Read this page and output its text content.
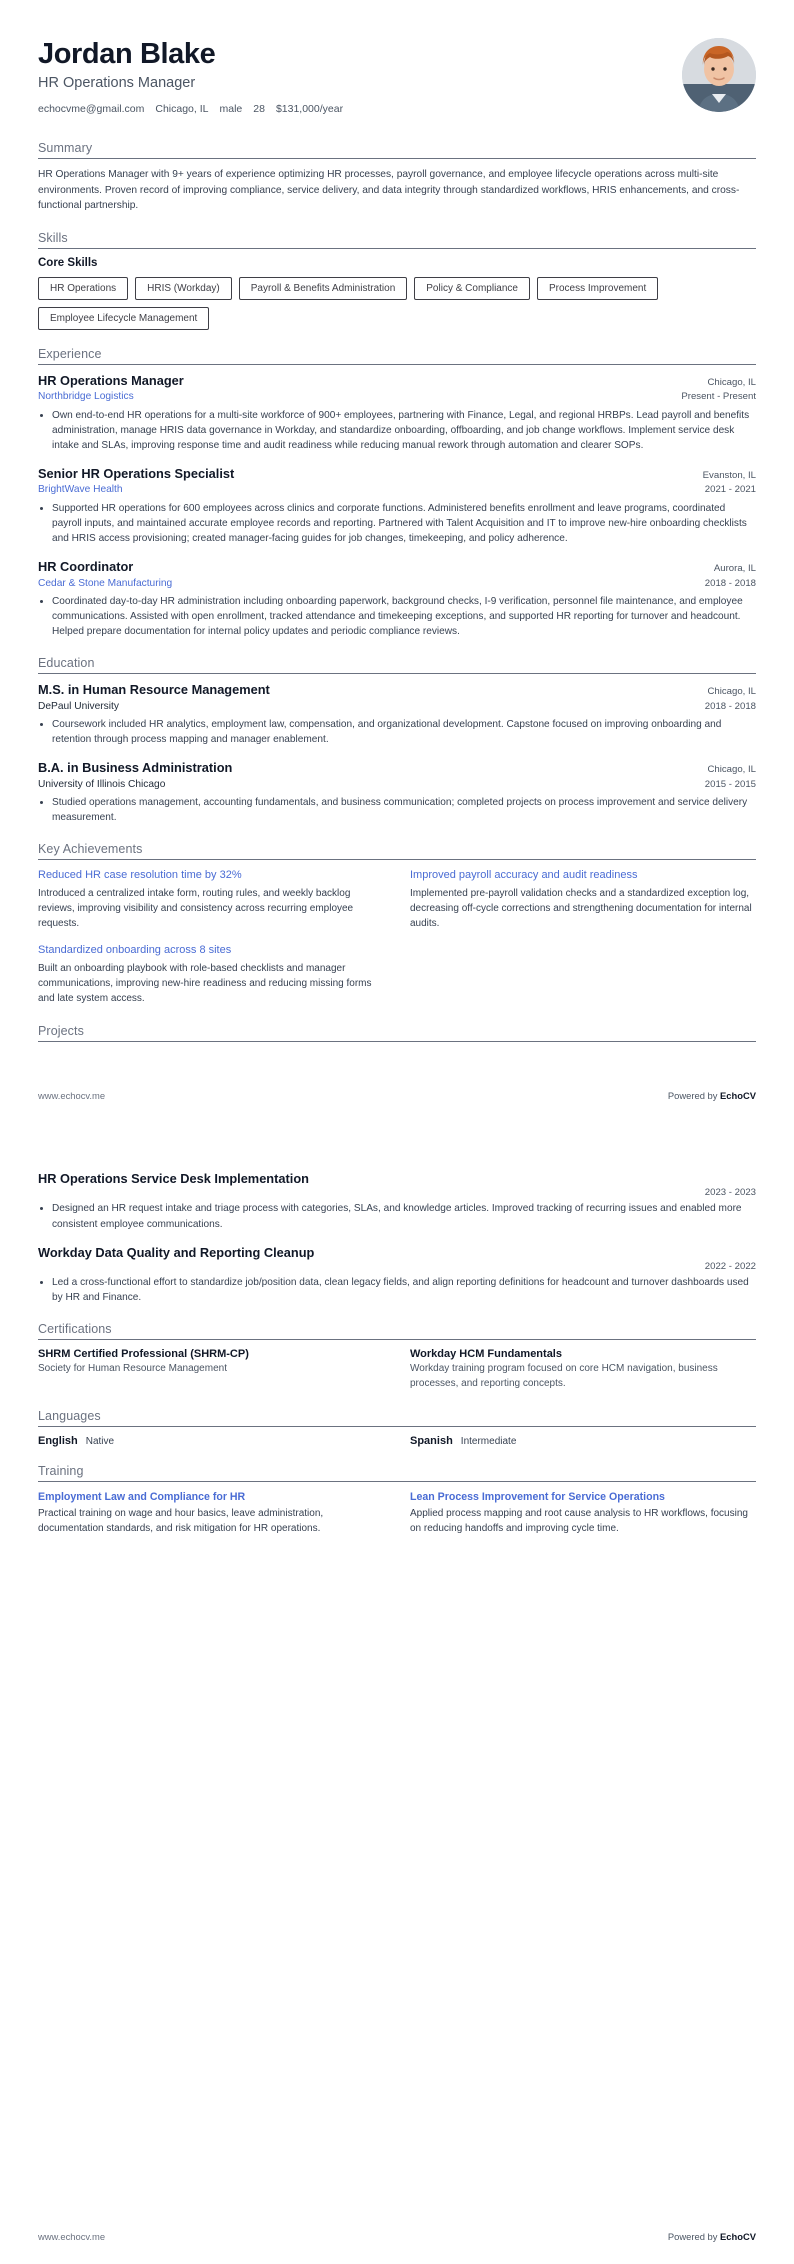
Jordan Blake
HR Operations Manager
echocvme@gmail.com Chicago, IL male 28 $131,000/year
Summary

HR Operations Manager with 9+ years of experience optimizing HR processes, payroll governance, and employee lifecycle operations across multi-site environments. Proven record of improving compliance, service delivery, and data integrity through standardized workflows, HRIS enhancements, and cross-functional partnership.

Skills
Core Skills
HR Operations	HRIS (Workday)	Payroll & Benefits Administration	Policy & Compliance	Process Improvement
Employee Lifecycle Management
Experience
HR Operations Manager	Chicago, IL
Northbridge Logistics	Present - Present
• Own end-to-end HR operations for a multi-site workforce of 900+ employees, partnering with Finance, Legal, and regional HRBPs. Lead payroll and benefits administration, manage HRIS data governance in Workday, and standardize onboarding, offboarding, and job change workflows. Implement service desk intake and SLAs, improving response time and audit readiness while reducing manual rework through automation and clearer SOPs.
Senior HR Operations Specialist	Evanston, IL
BrightWave Health	2021 - 2021
• Supported HR operations for 600 employees across clinics and corporate functions. Administered benefits enrollment and leave programs, coordinated payroll inputs, and maintained accurate employee records and reporting. Partnered with Talent Acquisition and IT to improve new-hire onboarding checklists and HRIS access provisioning; created manager-facing guides for job changes, timekeeping, and policy adherence.
HR Coordinator	Aurora, IL
Cedar & Stone Manufacturing	2018 - 2018
• Coordinated day-to-day HR administration including onboarding paperwork, background checks, I-9 verification, personnel file maintenance, and employee communications. Assisted with open enrollment, tracked attendance and timekeeping exceptions, and supported HR reporting for turnover and headcount. Helped prepare documentation for internal policy updates and periodic compliance reviews.
Education
M.S. in Human Resource Management	Chicago, IL
DePaul University	2018 - 2018
• Coursework included HR analytics, employment law, compensation, and organizational development. Capstone focused on improving onboarding and retention through process mapping and manager enablement.
B.A. in Business Administration	Chicago, IL
University of Illinois Chicago	2015 - 2015
• Studied operations management, accounting fundamentals, and business communication; completed projects on process improvement and service delivery measurement.
Key Achievements
Reduced HR case resolution time by 32%
Introduced a centralized intake form, routing rules, and weekly backlog reviews, improving visibility and consistency across recurring employee requests.
Standardized onboarding across 8 sites
Built an onboarding playbook with role-based checklists and manager communications, improving new-hire readiness and reducing missing forms and late system access.
Improved payroll accuracy and audit readiness
Implemented pre-payroll validation checks and a standardized exception log, decreasing off-cycle corrections and strengthening documentation for internal audits.
Projects
www.echocv.me	Powered by EchoCV
HR Operations Service Desk Implementation
2023 - 2023
• Designed an HR request intake and triage process with categories, SLAs, and knowledge articles. Improved tracking of recurring issues and enabled more consistent employee communications.
Workday Data Quality and Reporting Cleanup
2022 - 2022
• Led a cross-functional effort to standardize job/position data, clean legacy fields, and align reporting definitions for headcount and turnover dashboards used by HR and Finance.
Certifications
SHRM Certified Professional (SHRM-CP)
Society for Human Resource Management
Workday HCM Fundamentals
Workday training program focused on core HCM navigation, business processes, and reporting concepts.
Languages
English Native	Spanish Intermediate
Training
Employment Law and Compliance for HR
Practical training on wage and hour basics, leave administration, documentation standards, and risk mitigation for HR operations.
Lean Process Improvement for Service Operations
Applied process mapping and root cause analysis to HR workflows, focusing on reducing handoffs and improving cycle time.
www.echocv.me	Powered by EchoCV
